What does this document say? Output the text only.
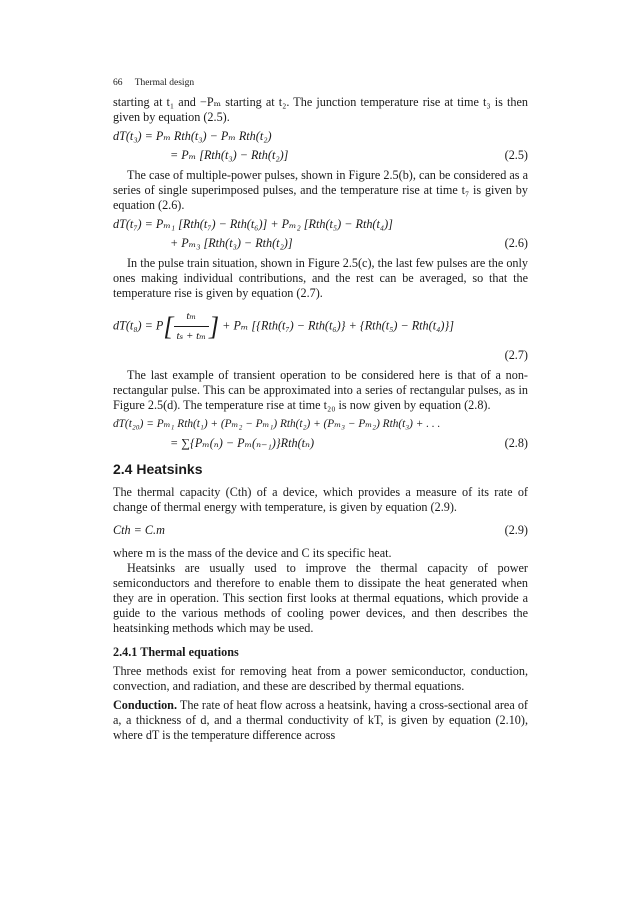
66 Thermal design

starting at t₁ and −Pₘ starting at t₂. The junction temperature rise at time t₃ is then given by equation (2.5).

dT(t₃) = Pₘ Rth(t₃) − Pₘ Rth(t₂)
= Pₘ [Rth(t₃) − Rth(t₂)]	(2.5)

The case of multiple-power pulses, shown in Figure 2.5(b), can be considered as a series of single superimposed pulses, and the temperature rise at time t₇ is given by equation (2.6).

dT(t₇) = Pₘ₁ [Rth(t₇) − Rth(t₆)] + Pₘ₂ [Rth(t₅) − Rth(t₄)]
+ Pₘ₃ [Rth(t₃) − Rth(t₂)]	(2.6)

In the pulse train situation, shown in Figure 2.5(c), the last few pulses are the only ones making individual contributions, and the rest can be averaged, so that the temperature rise is given by equation (2.7).

$dT(t_8) = P[ \frac{\text{tₘ}}{\text{tₛ + tₘ}}$ ] + Pₘ [{Rth(t₇) − Rth(t₆)} + {Rth(t₅) − Rth(t₄)}]
(2.7)

The last example of transient operation to be considered here is that of a non-rectangular pulse. This can be approximated into a series of rectangular pulses, as in Figure 2.5(d). The temperature rise at time t₂₀ is now given by equation (2.8).

dT(t₂₀) = Pₘ₁ Rth(t₁) + (Pₘ₂ − Pₘ₁) Rth(t₂) + (Pₘ₃ − Pₘ₂) Rth(t₃) + . . .
= ∑{Pₘ(ₙ) − Pₘ(ₙ₋₁)}Rth(tₙ)	(2.8)
2.4 Heatsinks

The thermal capacity (Cth) of a device, which provides a measure of its rate of change of thermal energy with temperature, is given by equation (2.9).

Cth = C.m	(2.9)

where m is the mass of the device and C its specific heat.

Heatsinks are usually used to improve the thermal capacity of power semiconductors and therefore to enable them to dissipate the heat generated when they are in operation. This section first looks at thermal equations, which provide a guide to the various methods of cooling power devices, and then describes the heatsinking methods which may be used.

2.4.1 Thermal equations

Three methods exist for removing heat from a power semiconductor, conduction, convection, and radiation, and these are described by thermal equations.

Conduction. The rate of heat flow across a heatsink, having a cross-sectional area of a, a thickness of d, and a thermal conductivity of kT, is given by equation (2.10), where dT is the temperature difference across
